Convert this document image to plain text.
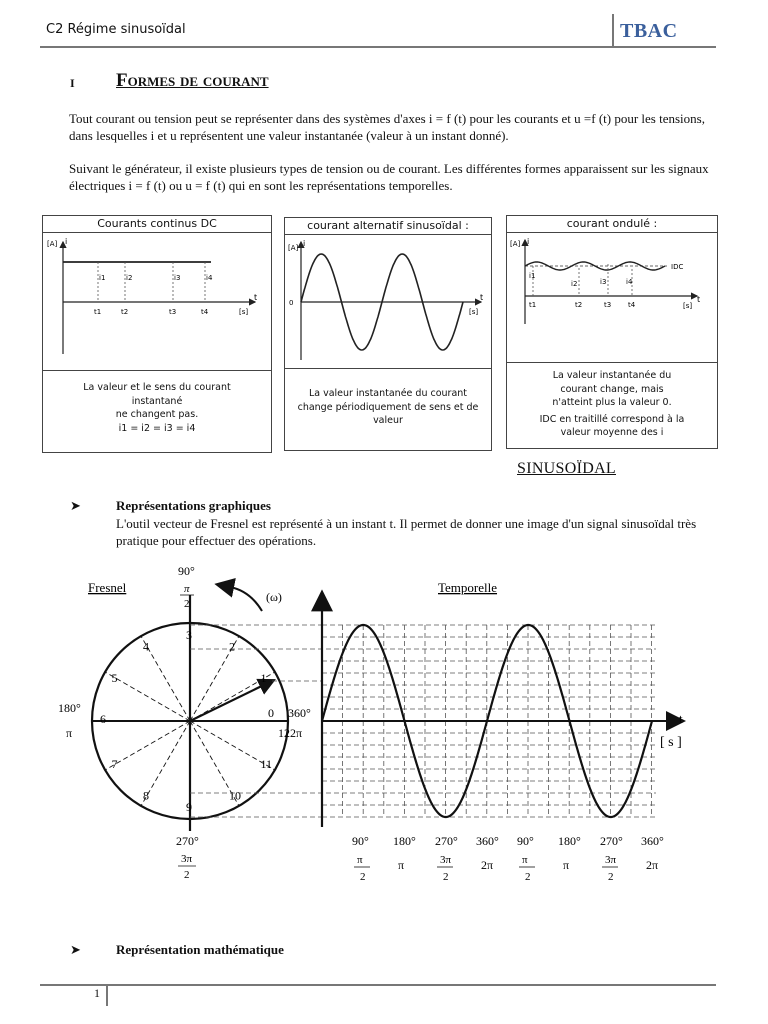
C2 Régime sinusoïdal	TBAC
I Formes de courant

Tout courant ou tension peut se représenter dans des systèmes d'axes i = f (t) pour les courants et u =f (t) pour les tensions, dans lesquelles i et u représentent une valeur instantanée (valeur à un instant donné).

Suivant le générateur, il existe plusieurs types de tension ou de courant. Les différentes formes apparaissent sur les signaux électriques i = f (t) ou u = f (t) qui en sont les représentations temporelles.

Courants continus DC
[A] i
t
[s]
i1	i2	i3	i4
t1	t2	t3	t4
La valeur et le sens du courant
instantané
ne changent pas.
i1 = i2 = i3 = i4
courant alternatif sinusoïdal :
[A] i
0
t
[s]
La valeur instantanée du courant
change périodiquement de sens et de
valeur
courant ondulé :
[A] i
IDC
t
[s]
i1
i2	i3	i4
t1	t2	t3 t4
La valeur instantanée du
courant change, mais
n'atteint plus la valeur 0.
IDC en traitillé correspond à la
valeur moyenne des i
SINUSOÏDAL
➤	Représentations graphiques

L'outil vecteur de Fresnel est représenté à un instant t. Il permet de donner une image d'un signal sinusoïdal très pratique pour effectuer des opérations.

Fresnel	Temporelle
(ω)
90°
π
2
180°
π
0 360°
2π
270°
3π
2
1
2
3
4
5
6
7
8
9
10
11
12
t
[ s ]
90°
π
2
180°
π
270°
3π
2
360°
2π
90°
π
2
180°
π
270°
3π
2
360°
2π
➤	Représentation mathématique
1
